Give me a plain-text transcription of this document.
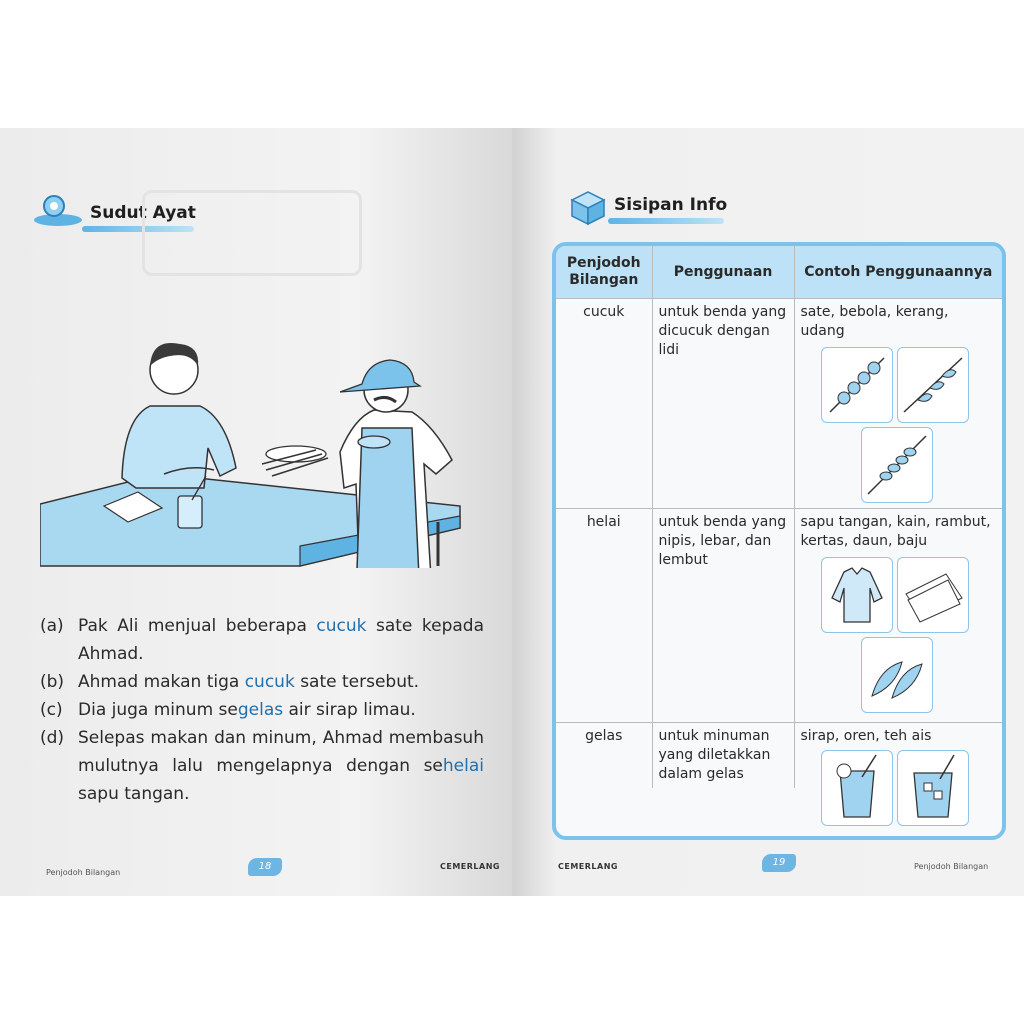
Sudut Ayat
(a) Pak Ali menjual beberapa cucuk sate kepada Ahmad.
(b) Ahmad makan tiga cucuk sate tersebut.
(c) Dia juga minum segelas air sirap limau.
(d) Selepas makan dan minum, Ahmad membasuh mulutnya lalu mengelapnya dengan sehelai sapu tangan.
Penjodoh Bilangan
18	CEMERLANG
Sisipan Info
Penjodoh Bilangan	Penggunaan	Contoh Penggunaannya
cucuk	untuk benda yang dicucuk dengan lidi	sate, bebola, kerang, udang

helai	untuk benda yang nipis, lebar, dan lembut	sapu tangan, kain, rambut, kertas, daun, baju

gelas	untuk minuman yang diletakkan dalam gelas	sirap, oren, teh ais
CEMERLANG	19	Penjodoh Bilangan
